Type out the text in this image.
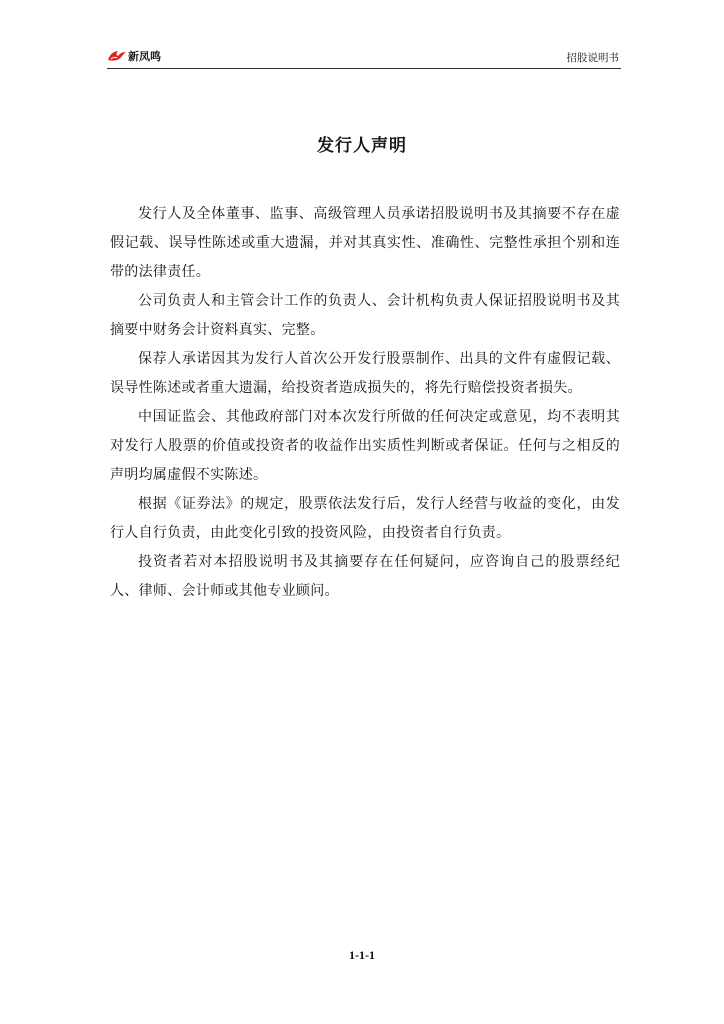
新凤鸣	招股说明书
发行人声明

发行人及全体董事、监事、高级管理人员承诺招股说明书及其摘要不存在虚假记载、误导性陈述或重大遗漏，并对其真实性、准确性、完整性承担个别和连带的法律责任。

公司负责人和主管会计工作的负责人、会计机构负责人保证招股说明书及其摘要中财务会计资料真实、完整。

保荐人承诺因其为发行人首次公开发行股票制作、出具的文件有虚假记载、误导性陈述或者重大遗漏，给投资者造成损失的，将先行赔偿投资者损失。

中国证监会、其他政府部门对本次发行所做的任何决定或意见，均不表明其对发行人股票的价值或投资者的收益作出实质性判断或者保证。任何与之相反的声明均属虚假不实陈述。

根据《证券法》的规定，股票依法发行后，发行人经营与收益的变化，由发行人自行负责，由此变化引致的投资风险，由投资者自行负责。

投资者若对本招股说明书及其摘要存在任何疑问，应咨询自己的股票经纪人、律师、会计师或其他专业顾问。

1-1-1
